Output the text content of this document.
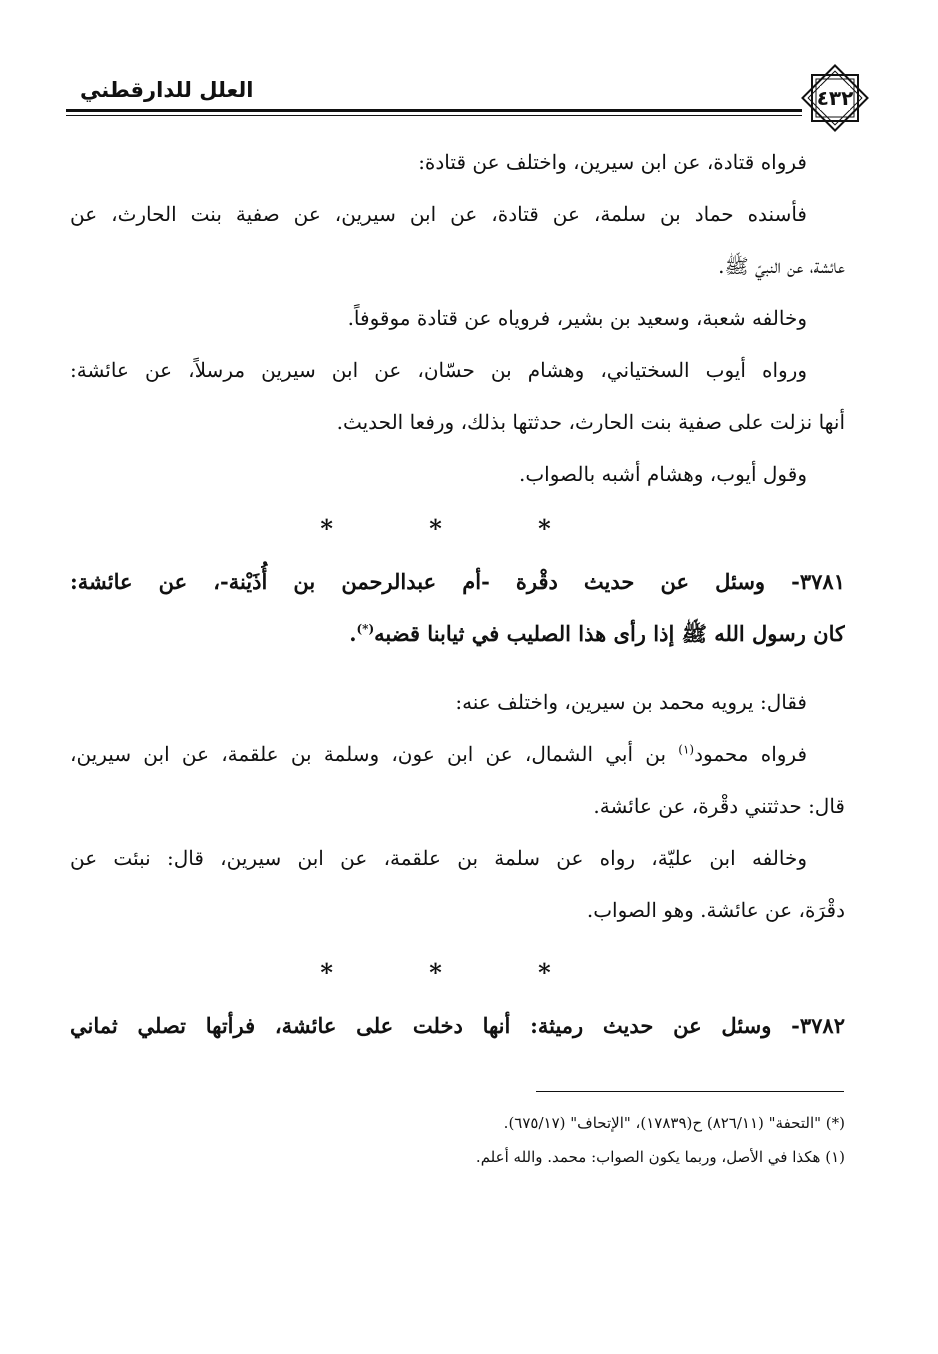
٤٣٢
العلل للدارقطني
فرواه قتادة، عن ابن سيرين، واختلف عن قتادة:
فأسنده حماد بن سلمة، عن قتادة، عن ابن سيرين، عن صفية بنت الحارث، عن
عائشة، عن النبيّ ﷺ.
وخالفه شعبة، وسعيد بن بشير، فروياه عن قتادة موقوفاً.
ورواه أيوب السختياني، وهشام بن حسّان، عن ابن سيرين مرسلاً، عن عائشة:
أنها نزلت على صفية بنت الحارث، حدثتها بذلك، ورفعا الحديث.
وقول أيوب، وهشام أشبه بالصواب.
* * *
٣٧٨١- وسئل عن حديث دقْرة -أم عبدالرحمن بن أُذَيْنة-، عن عائشة:
كان رسول الله ﷺ إذا رأى هذا الصليب في ثيابنا قضبه(*).
فقال: يرويه محمد بن سيرين، واختلف عنه:
فرواه محمود$^{(١)}$ بن أبي الشمال، عن ابن عون، وسلمة بن علقمة، عن ابن سيرين،
قال: حدثتني دقْرة، عن عائشة.
وخالفه ابن عليّة، رواه عن سلمة بن علقمة، عن ابن سيرين، قال: نبئت عن
دقْرَة، عن عائشة. وهو الصواب.
* * *
٣٧٨٢- وسئل عن حديث رميثة: أنها دخلت على عائشة، فرأتها تصلي ثماني
(*) "التحفة" (٨٢٦/١١) ح(١٧٨٣٩)، "الإتحاف" (٦٧٥/١٧).
(١) هكذا في الأصل، وربما يكون الصواب: محمد. والله أعلم.
